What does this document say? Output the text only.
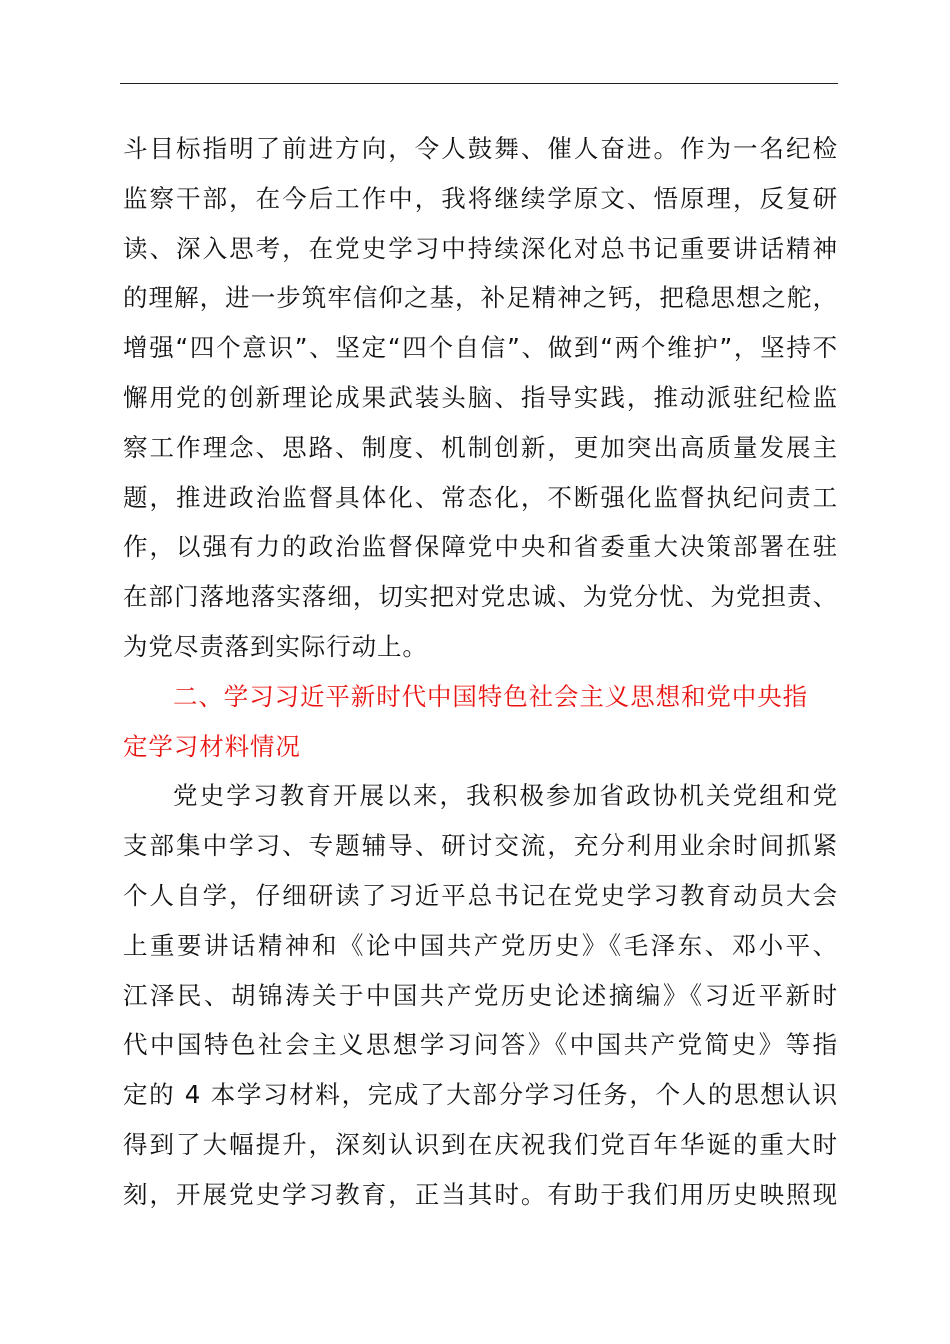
斗目标指明了前进方向，令人鼓舞、催人奋进。作为一名纪检
监察干部，在今后工作中，我将继续学原文、悟原理，反复研
读、深入思考，在党史学习中持续深化对总书记重要讲话精神
的理解，进一步筑牢信仰之基，补足精神之钙，把稳思想之舵，
增强“四个意识”、坚定“四个自信”、做到“两个维护”，坚持不
懈用党的创新理论成果武装头脑、指导实践，推动派驻纪检监
察工作理念、思路、制度、机制创新，更加突出高质量发展主
题，推进政治监督具体化、常态化，不断强化监督执纪问责工
作，以强有力的政治监督保障党中央和省委重大决策部署在驻
在部门落地落实落细，切实把对党忠诚、为党分忧、为党担责、
为党尽责落到实际行动上。
二、学习习近平新时代中国特色社会主义思想和党中央指
定学习材料情况
党史学习教育开展以来，我积极参加省政协机关党组和党
支部集中学习、专题辅导、研讨交流，充分利用业余时间抓紧
个人自学，仔细研读了习近平总书记在党史学习教育动员大会
上重要讲话精神和《论中国共产党历史》《毛泽东、邓小平、
江泽民、胡锦涛关于中国共产党历史论述摘编》《习近平新时
代中国特色社会主义思想学习问答》《中国共产党简史》等指
定的 4 本学习材料，完成了大部分学习任务，个人的思想认识
得到了大幅提升，深刻认识到在庆祝我们党百年华诞的重大时
刻，开展党史学习教育，正当其时。有助于我们用历史映照现
